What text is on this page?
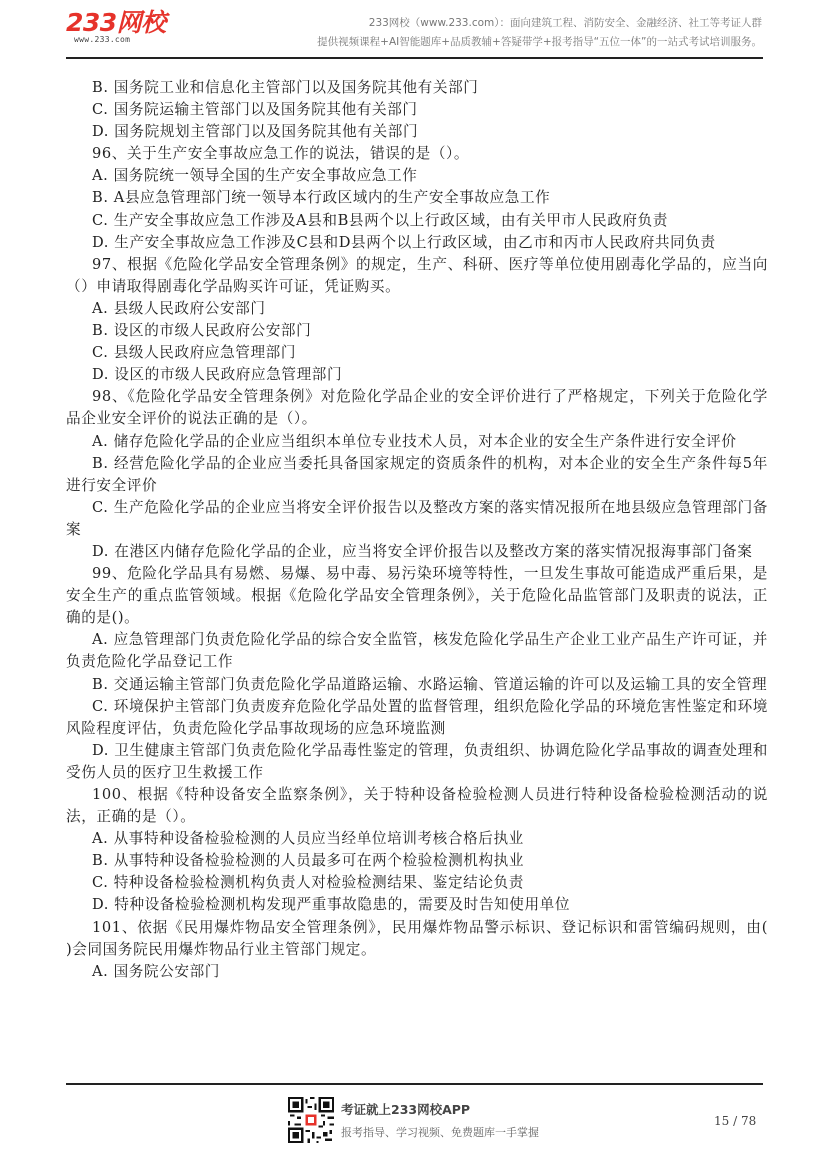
233网校
www.233.com
233网校（www.233.com）：面向建筑工程、消防安全、金融经济、社工等考证人群
提供视频课程+AI智能题库+品质教辅+答疑带学+报考指导“五位一体”的一站式考试培训服务。

B. 国务院工业和信息化主管部门以及国务院其他有关部门

C. 国务院运输主管部门以及国务院其他有关部门

D. 国务院规划主管部门以及国务院其他有关部门

96、关于生产安全事故应急工作的说法，错误的是（）。

A. 国务院统一领导全国的生产安全事故应急工作

B. A县应急管理部门统一领导本行政区域内的生产安全事故应急工作

C. 生产安全事故应急工作涉及A县和B县两个以上行政区域，由有关甲市人民政府负责

D. 生产安全事故应急工作涉及C县和D县两个以上行政区域，由乙市和丙市人民政府共同负责

97、根据《危险化学品安全管理条例》的规定，生产、科研、医疗等单位使用剧毒化学品的，应当向（）申请取得剧毒化学品购买许可证，凭证购买。

A. 县级人民政府公安部门

B. 设区的市级人民政府公安部门

C. 县级人民政府应急管理部门

D. 设区的市级人民政府应急管理部门

98、《危险化学品安全管理条例》对危险化学品企业的安全评价进行了严格规定，下列关于危险化学品企业安全评价的说法正确的是（）。

A. 储存危险化学品的企业应当组织本单位专业技术人员，对本企业的安全生产条件进行安全评价

B. 经营危险化学品的企业应当委托具备国家规定的资质条件的机构，对本企业的安全生产条件每5年进行安全评价

C. 生产危险化学品的企业应当将安全评价报告以及整改方案的落实情况报所在地县级应急管理部门备案

D. 在港区内储存危险化学品的企业，应当将安全评价报告以及整改方案的落实情况报海事部门备案

99、危险化学品具有易燃、易爆、易中毒、易污染环境等特性，一旦发生事故可能造成严重后果，是安全生产的重点监管领域。根据《危险化学品安全管理条例》，关于危险化品监管部门及职责的说法，正确的是()。

A. 应急管理部门负责危险化学品的综合安全监管，核发危险化学品生产企业工业产品生产许可证，并负责危险化学品登记工作

B. 交通运输主管部门负责危险化学品道路运输、水路运输、管道运输的许可以及运输工具的安全管理

C. 环境保护主管部门负责废弃危险化学品处置的监督管理，组织危险化学品的环境危害性鉴定和环境风险程度评估，负责危险化学品事故现场的应急环境监测

D. 卫生健康主管部门负责危险化学品毒性鉴定的管理，负责组织、协调危险化学品事故的调查处理和受伤人员的医疗卫生救援工作

100、根据《特种设备安全监察条例》，关于特种设备检验检测人员进行特种设备检验检测活动的说法，正确的是（）。

A. 从事特种设备检验检测的人员应当经单位培训考核合格后执业

B. 从事特种设备检验检测的人员最多可在两个检验检测机构执业

C. 特种设备检验检测机构负责人对检验检测结果、鉴定结论负责

D. 特种设备检验检测机构发现严重事故隐患的，需要及时告知使用单位

101、依据《民用爆炸物品安全管理条例》，民用爆炸物品警示标识、登记标识和雷管编码规则，由( )会同国务院民用爆炸物品行业主管部门规定。

A. 国务院公安部门

考证就上233网校APP
报考指导、学习视频、免费题库一手掌握
15 / 78
